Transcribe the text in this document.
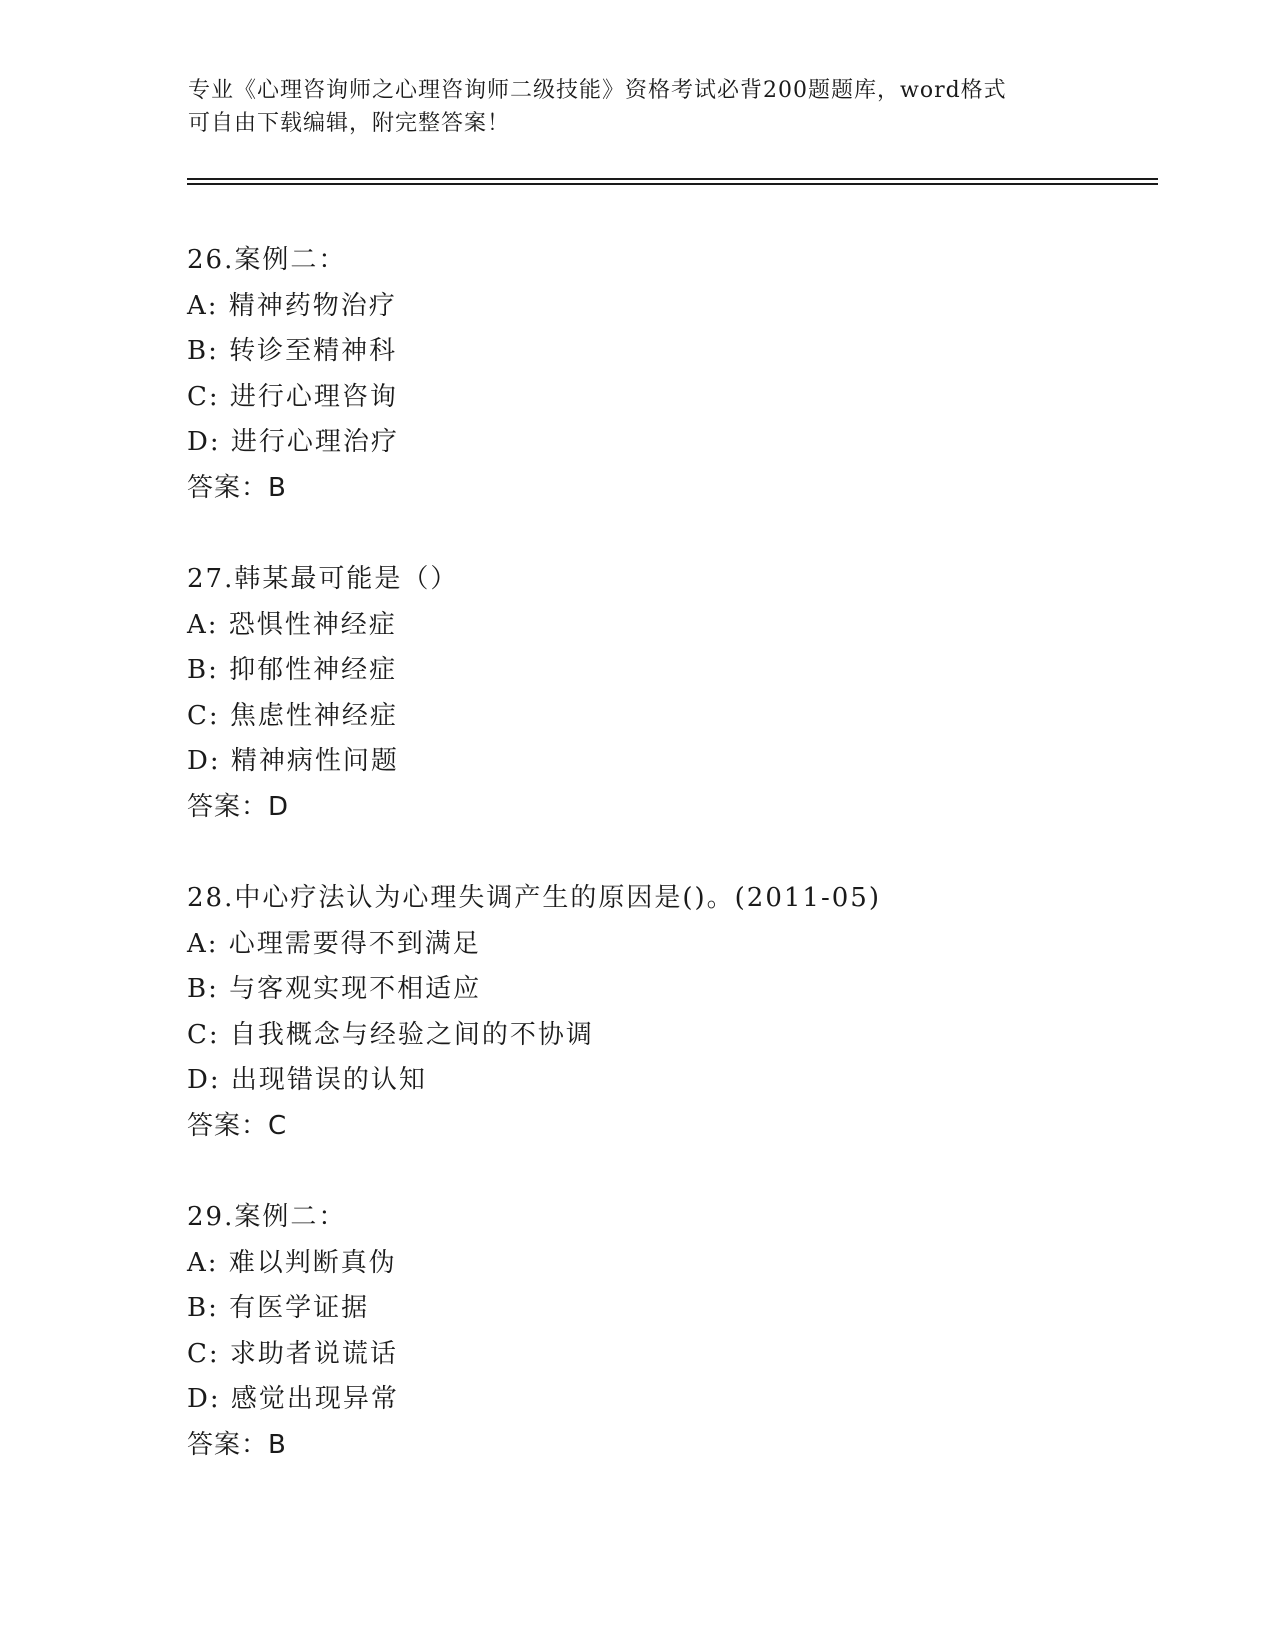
专业《心理咨询师之心理咨询师二级技能》资格考试必背200题题库，word格式
可自由下载编辑，附完整答案！
26.案例二：
A: 精神药物治疗
B: 转诊至精神科
C: 进行心理咨询
D: 进行心理治疗
答案：B
27.韩某最可能是（）
A: 恐惧性神经症
B: 抑郁性神经症
C: 焦虑性神经症
D: 精神病性问题
答案：D
28.中心疗法认为心理失调产生的原因是()。(2011-05)
A: 心理需要得不到满足
B: 与客观实现不相适应
C: 自我概念与经验之间的不协调
D: 出现错误的认知
答案：C
29.案例二：
A: 难以判断真伪
B: 有医学证据
C: 求助者说谎话
D: 感觉出现异常
答案：B
